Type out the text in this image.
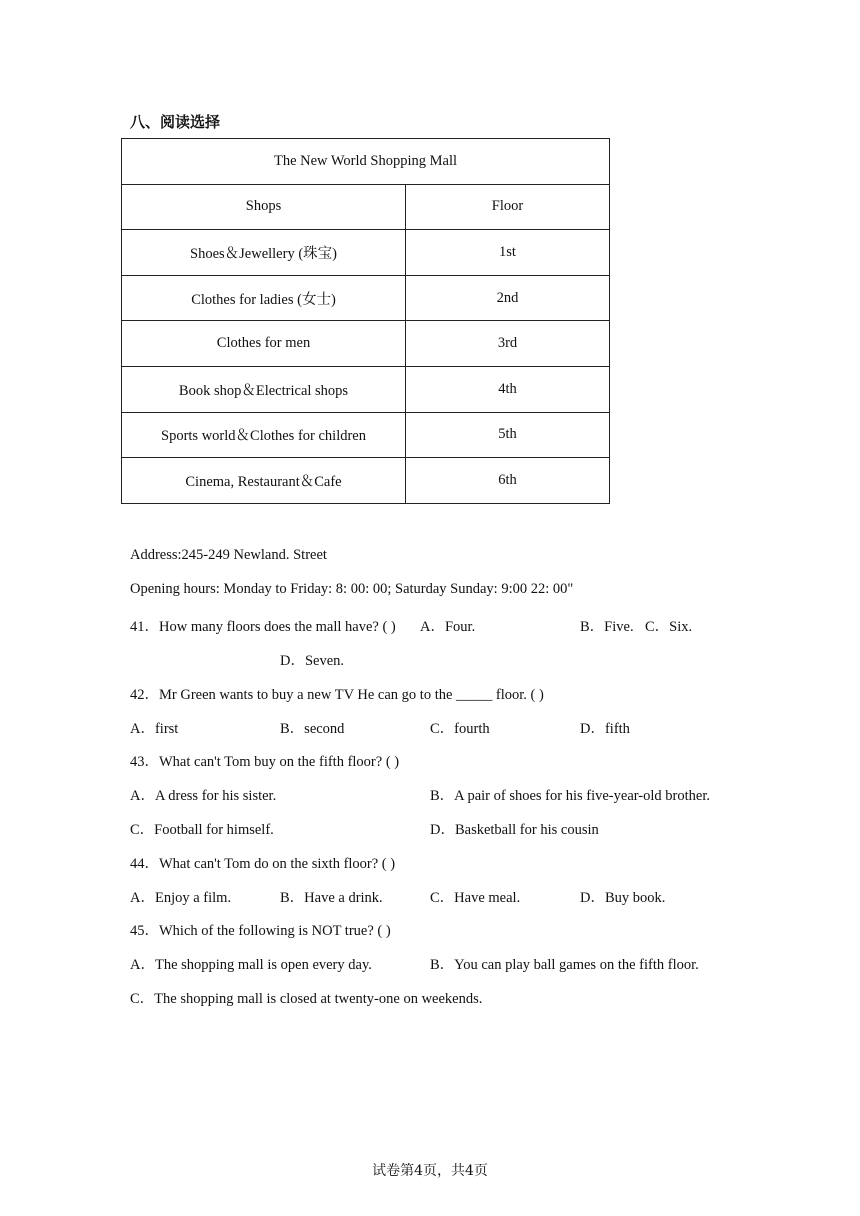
八、阅读选择
The New World Shopping Mall	
Shops	Floor
Shoes＆Jewellery (珠宝)	1st
Clothes for ladies (女士)	2nd
Clothes for men	3rd
Book shop＆Electrical shops	4th
Sports world＆Clothes for children	5th
Cinema, Restaurant＆Cafe	6th
Address:245-249 Newland. Street
Opening hours: Monday to Friday: 8: 00: 00; Saturday Sunday: 9:00 22: 00"
41．How many floors does the mall have? ( ) A．Four.	B．Five. C．Six.
D．Seven.
42．Mr Green wants to buy a new TV He can go to the _____ floor. ( )
A．first	B．second	C．fourth	D．fifth
43．What can't Tom buy on the fifth floor? ( )
A．A dress for his sister.	B．A pair of shoes for his five-year-old brother.
C．Football for himself.	D．Basketball for his cousin
44．What can't Tom do on the sixth floor? ( )
A．Enjoy a film.	B．Have a drink.	C．Have meal.	D．Buy book.
45．Which of the following is NOT true? ( )
A．The shopping mall is open every day.	B．You can play ball games on the fifth floor.
C．The shopping mall is closed at twenty-one on weekends.
试卷第4页，共4页
